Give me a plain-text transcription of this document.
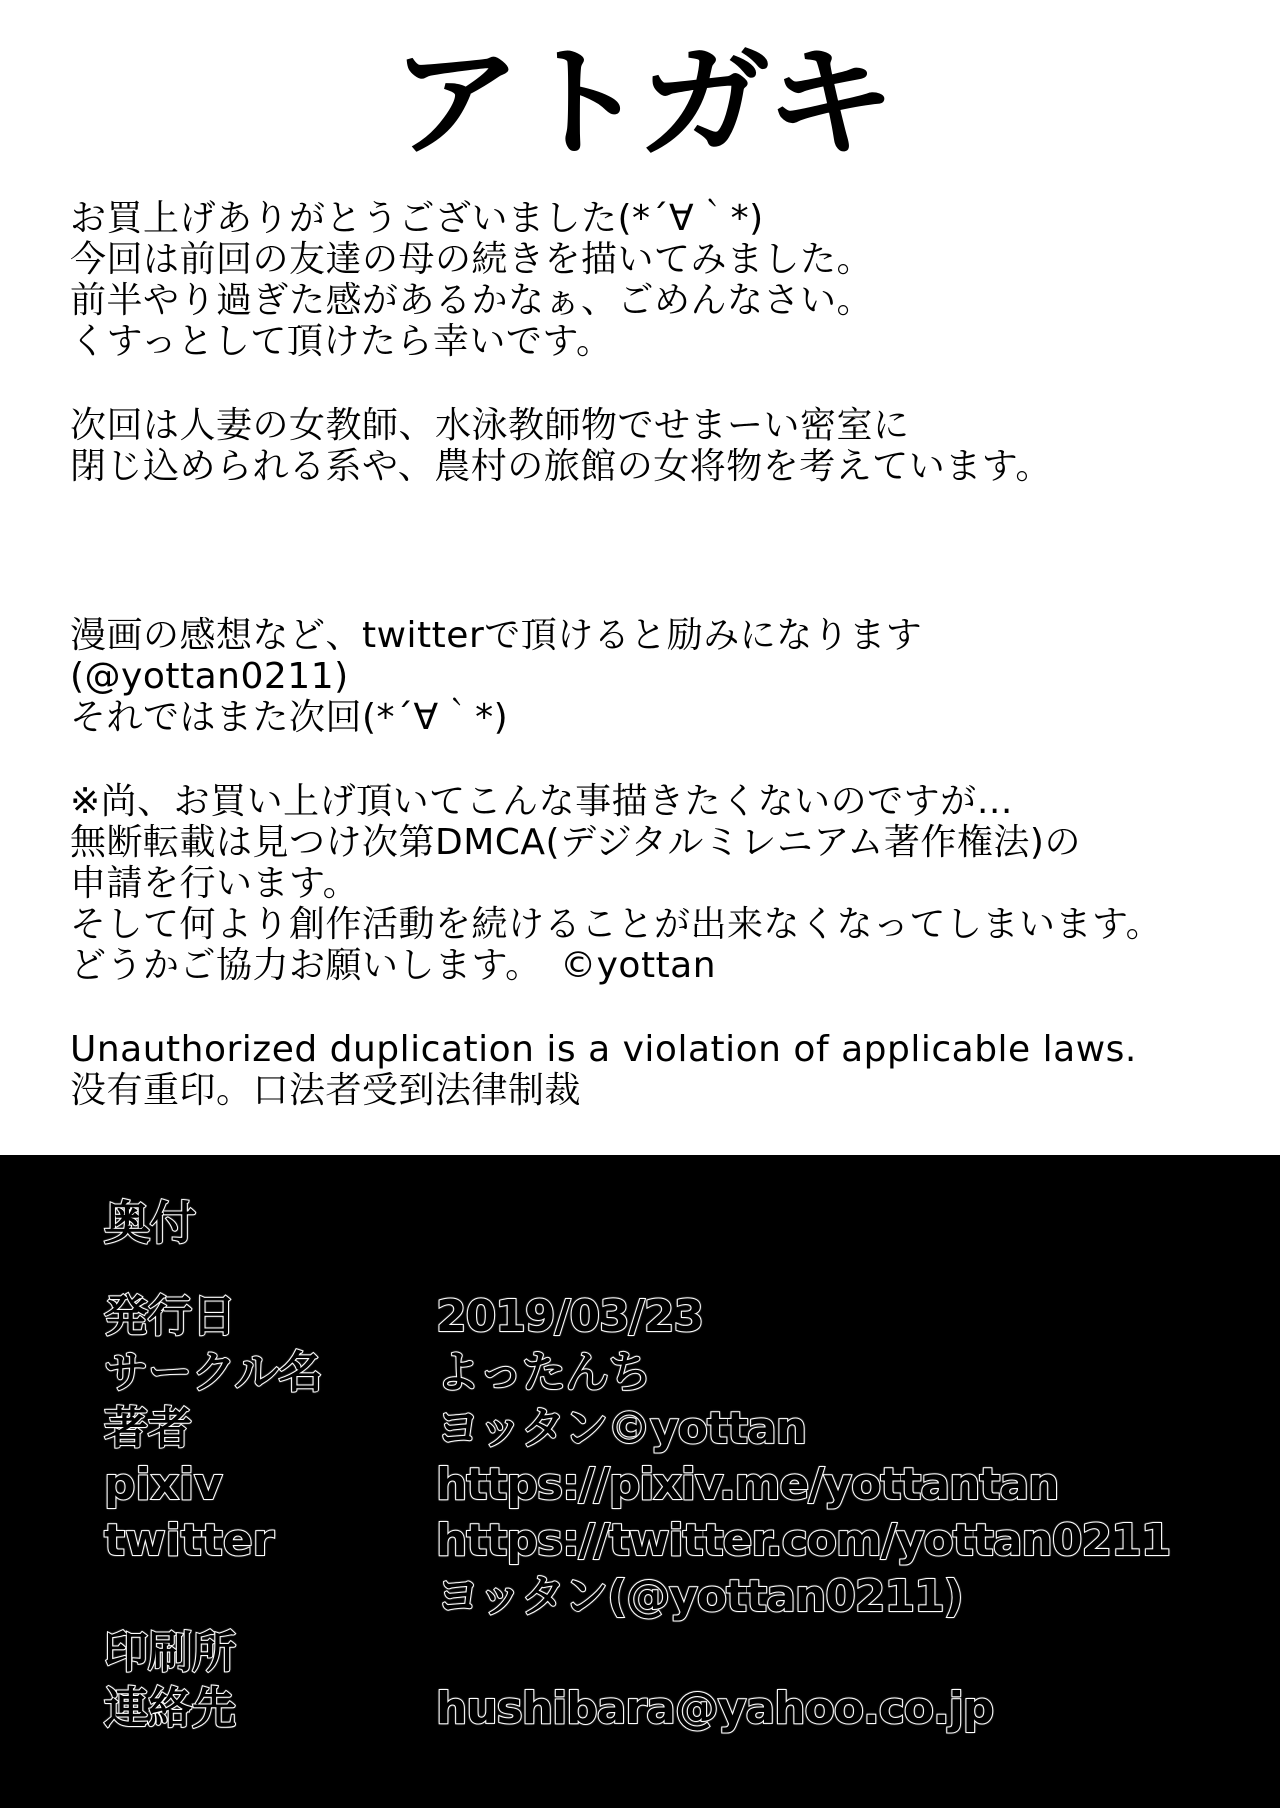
アトガキ
お買上げありがとうございました(*´∀｀*)
今回は前回の友達の母の続きを描いてみました。
前半やり過ぎた感があるかなぁ、ごめんなさい。
くすっとして頂けたら幸いです。
次回は人妻の女教師、水泳教師物でせまーい密室に
閉じ込められる系や、農村の旅館の女将物を考えています。
漫画の感想など、twitterで頂けると励みになります
(@yottan0211)
それではまた次回(*´∀｀*)
※尚、お買い上げ頂いてこんな事描きたくないのですが…
無断転載は見つけ次第DMCA(デジタルミレニアム著作権法)の
申請を行います。
そして何より創作活動を続けることが出来なくなってしまいます。
どうかご協力お願いします。　©yottan
Unauthorized duplication is a violation of applicable laws.
没有重印。口法者受到法律制裁
奥付
発行日	2019/03/23
サークル名	よったんち
著者	ヨッタン©yottan
pixiv	https://pixiv.me/yottantan
twitter	https://twitter.com/yottan0211
ヨッタン(@yottan0211)
印刷所
連絡先	hushibara@yahoo.co.jp
